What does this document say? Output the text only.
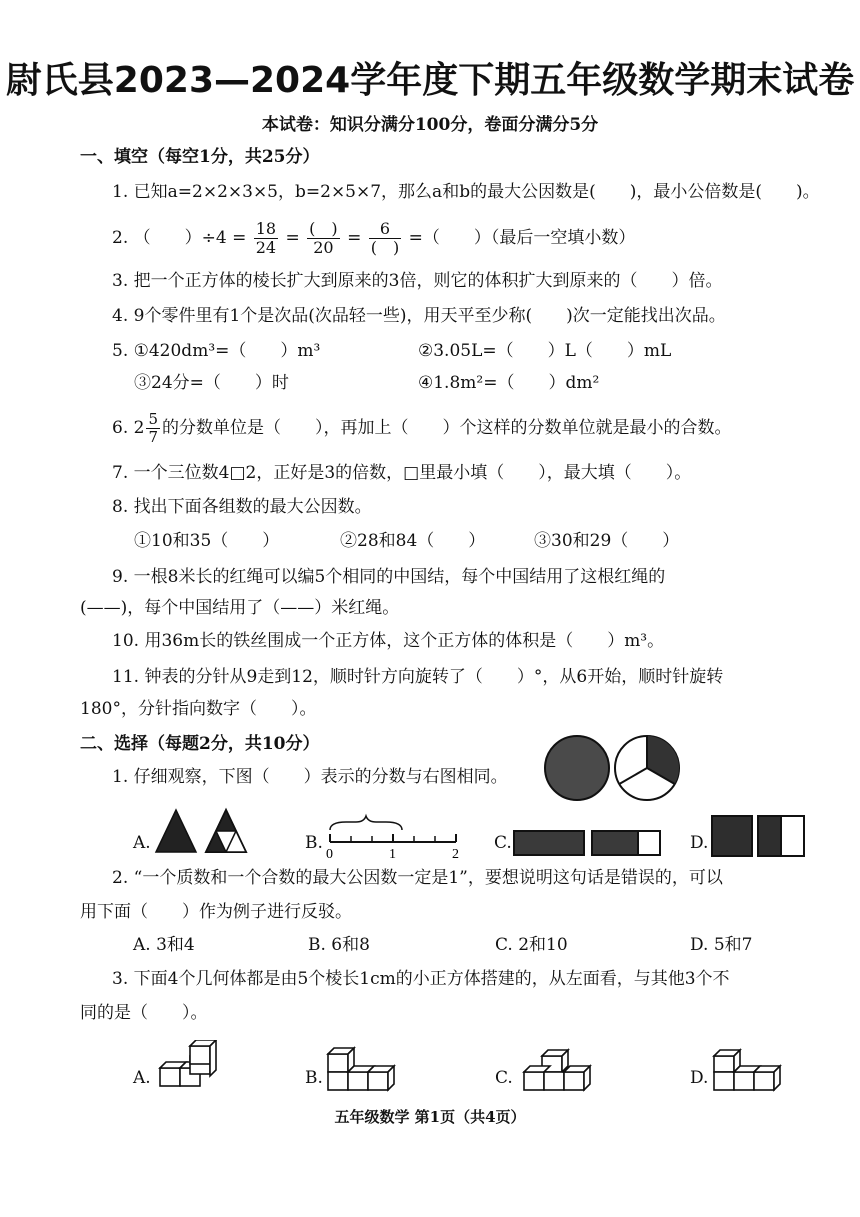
尉氏县2023—2024学年度下期五年级数学期末试卷
本试卷：知识分满分100分，卷面分满分5分
一、填空（每空1分，共25分）
1. 已知a=2×2×3×5，b=2×5×7，那么a和b的最大公因数是(　　)，最小公倍数是(　　)。
2. （　　）$\div 4 = \frac{18}{24} = \frac{( )}{20} = \frac{6}{( )}$ =（　　）（最后一空填小数）
3. 把一个正方体的棱长扩大到原来的3倍，则它的体积扩大到原来的（　　）倍。
4. 9个零件里有1个是次品(次品轻一些)，用天平至少称(　　)次一定能找出次品。
5. ①420dm³=（　　）m³	②3.05L=（　　）L（　　）mL
③24分=（　　）时	④1.8m²=（　　）dm²
6. $2 \frac{5}{7}$ 的分数单位是（　　），再加上（　　）个这样的分数单位就是最小的合数。
7. 一个三位数4□2，正好是3的倍数，□里最小填（　　），最大填（　　）。
8. 找出下面各组数的最大公因数。
①10和35（　　）	②28和84（　　）	③30和29（　　）
9. 一根8米长的红绳可以编5个相同的中国结，每个中国结用了这根红绳的
(——)，每个中国结用了（——）米红绳。
10. 用36m长的铁丝围成一个正方体，这个正方体的体积是（　　）m³。
11. 钟表的分针从9走到12，顺时针方向旋转了（　　）°，从6开始，顺时针旋转
180°，分针指向数字（　　）。
二、选择（每题2分，共10分）
1. 仔细观察，下图（　　）表示的分数与右图相同。
A.	B.
0	1	2
C.	D.
2. “一个质数和一个合数的最大公因数一定是1”，要想说明这句话是错误的，可以
用下面（　　）作为例子进行反驳。
A. 3和4	B. 6和8	C. 2和10	D. 5和7
3. 下面4个几何体都是由5个棱长1cm的小正方体搭建的，从左面看，与其他3个不
同的是（　　）。
A.	B.	C.	D.
五年级数学 第1页（共4页）
